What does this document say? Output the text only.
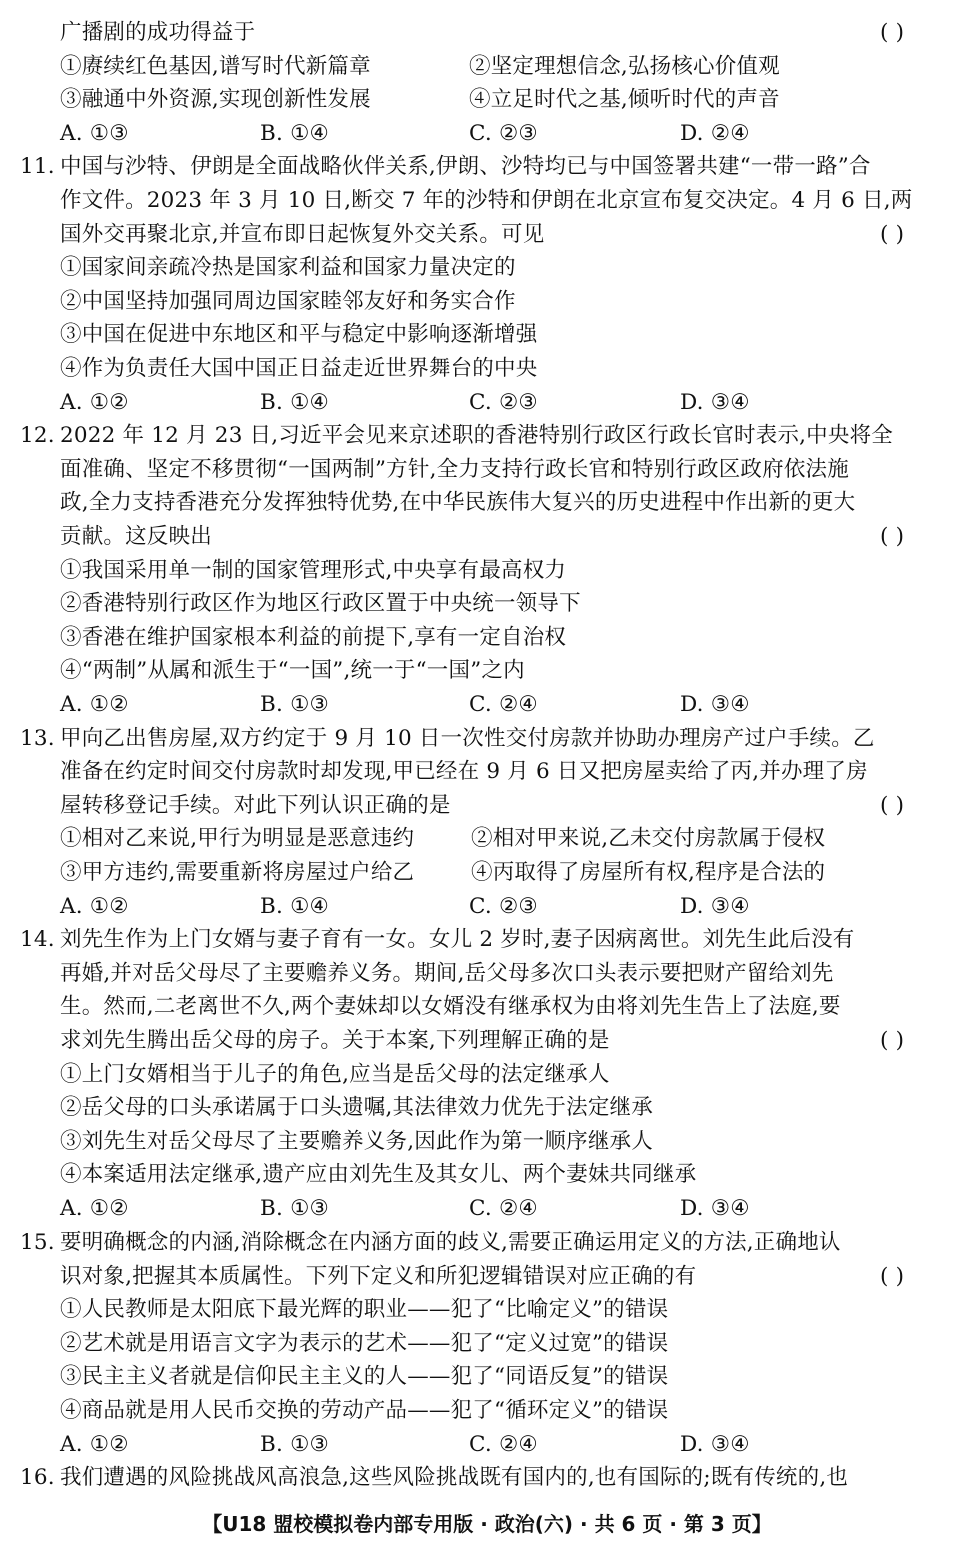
广播剧的成功得益于	( )
①赓续红色基因,谱写时代新篇章	②坚定理想信念,弘扬核心价值观
③融通中外资源,实现创新性发展	④立足时代之基,倾听时代的声音
A. ①③	B. ①④	C. ②③	D. ②④
11. 中国与沙特、伊朗是全面战略伙伴关系,伊朗、沙特均已与中国签署共建“一带一路”合
作文件。2023 年 3 月 10 日,断交 7 年的沙特和伊朗在北京宣布复交决定。4 月 6 日,两
国外交再聚北京,并宣布即日起恢复外交关系。可见	( )
①国家间亲疏冷热是国家利益和国家力量决定的
②中国坚持加强同周边国家睦邻友好和务实合作
③中国在促进中东地区和平与稳定中影响逐渐增强
④作为负责任大国中国正日益走近世界舞台的中央
A. ①②	B. ①④	C. ②③	D. ③④
12. 2022 年 12 月 23 日,习近平会见来京述职的香港特别行政区行政长官时表示,中央将全
面准确、坚定不移贯彻“一国两制”方针,全力支持行政长官和特别行政区政府依法施
政,全力支持香港充分发挥独特优势,在中华民族伟大复兴的历史进程中作出新的更大
贡献。这反映出	( )
①我国采用单一制的国家管理形式,中央享有最高权力
②香港特别行政区作为地区行政区置于中央统一领导下
③香港在维护国家根本利益的前提下,享有一定自治权
④“两制”从属和派生于“一国”,统一于“一国”之内
A. ①②	B. ①③	C. ②④	D. ③④
13. 甲向乙出售房屋,双方约定于 9 月 10 日一次性交付房款并协助办理房产过户手续。乙
准备在约定时间交付房款时却发现,甲已经在 9 月 6 日又把房屋卖给了丙,并办理了房
屋转移登记手续。对此下列认识正确的是	( )
①相对乙来说,甲行为明显是恶意违约	②相对甲来说,乙未交付房款属于侵权
③甲方违约,需要重新将房屋过户给乙	④丙取得了房屋所有权,程序是合法的
A. ①②	B. ①④	C. ②③	D. ③④
14. 刘先生作为上门女婿与妻子育有一女。女儿 2 岁时,妻子因病离世。刘先生此后没有
再婚,并对岳父母尽了主要赡养义务。期间,岳父母多次口头表示要把财产留给刘先
生。然而,二老离世不久,两个妻妹却以女婿没有继承权为由将刘先生告上了法庭,要
求刘先生腾出岳父母的房子。关于本案,下列理解正确的是	( )
①上门女婿相当于儿子的角色,应当是岳父母的法定继承人
②岳父母的口头承诺属于口头遗嘱,其法律效力优先于法定继承
③刘先生对岳父母尽了主要赡养义务,因此作为第一顺序继承人
④本案适用法定继承,遗产应由刘先生及其女儿、两个妻妹共同继承
A. ①②	B. ①③	C. ②④	D. ③④
15. 要明确概念的内涵,消除概念在内涵方面的歧义,需要正确运用定义的方法,正确地认
识对象,把握其本质属性。下列下定义和所犯逻辑错误对应正确的有	( )
①人民教师是太阳底下最光辉的职业——犯了“比喻定义”的错误
②艺术就是用语言文字为表示的艺术——犯了“定义过宽”的错误
③民主主义者就是信仰民主主义的人——犯了“同语反复”的错误
④商品就是用人民币交换的劳动产品——犯了“循环定义”的错误
A. ①②	B. ①③	C. ②④	D. ③④
16. 我们遭遇的风险挑战风高浪急,这些风险挑战既有国内的,也有国际的;既有传统的,也
【U18 盟校模拟卷内部专用版 · 政治(六) · 共 6 页 · 第 3 页】
